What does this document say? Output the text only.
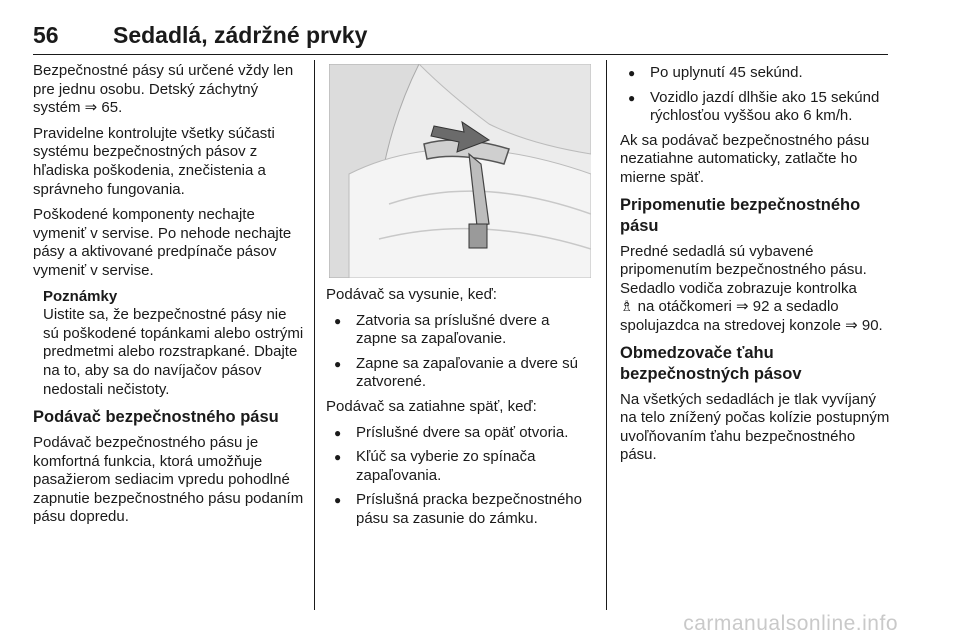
56 Sedadlá, zádržné prvky

Bezpečnostné pásy sú určené vždy len pre jednu osobu. Detský záchytný systém ⇒ 65.

Pravidelne kontrolujte všetky súčasti systému bezpečnostných pásov z hľadiska poškodenia, znečistenia a správneho fungovania.

Poškodené komponenty nechajte vymeniť v servise. Po nehode nechajte pásy a aktivované predpínače pásov vymeniť v servise.

Poznámky

Uistite sa, že bezpečnostné pásy nie sú poškodené topánkami alebo ostrými predmetmi alebo rozstrapkané. Dbajte na to, aby sa do navíjačov pásov nedostali nečistoty.

Podávač bezpečnostného pásu

Podávač bezpečnostného pásu je komfortná funkcia, ktorá umožňuje pasažierom sediacim vpredu pohodlné zapnutie bezpečnostného pásu podaním pásu dopredu.

Podávač sa vysunie, keď:

● Zatvoria sa príslušné dvere a zapne sa zapaľovanie.
● Zapne sa zapaľovanie a dvere sú zatvorené.

Podávač sa zatiahne späť, keď:

● Príslušné dvere sa opäť otvoria.
● Kľúč sa vyberie zo spínača zapaľovania.
● Príslušná pracka bezpečnostného pásu sa zasunie do zámku.
● Po uplynutí 45 sekúnd.
● Vozidlo jazdí dlhšie ako 15 sekúnd rýchlosťou vyššou ako 6 km/h.

Ak sa podávač bezpečnostného pásu nezatiahne automaticky, zatlačte ho mierne späť.

Pripomenutie bezpečnostného pásu

Predné sedadlá sú vybavené pripomenutím bezpečnostného pásu. Sedadlo vodiča zobrazuje kontrolka
♗ na otáčkomeri ⇒ 92 a sedadlo spolujazdca na stredovej konzole ⇒ 90.

Obmedzovače ťahu bezpečnostných pásov

Na všetkých sedadlách je tlak vyvíjaný na telo znížený počas kolízie postupným uvoľňovaním ťahu bezpečnostného pásu.

carmanualsonline.info
